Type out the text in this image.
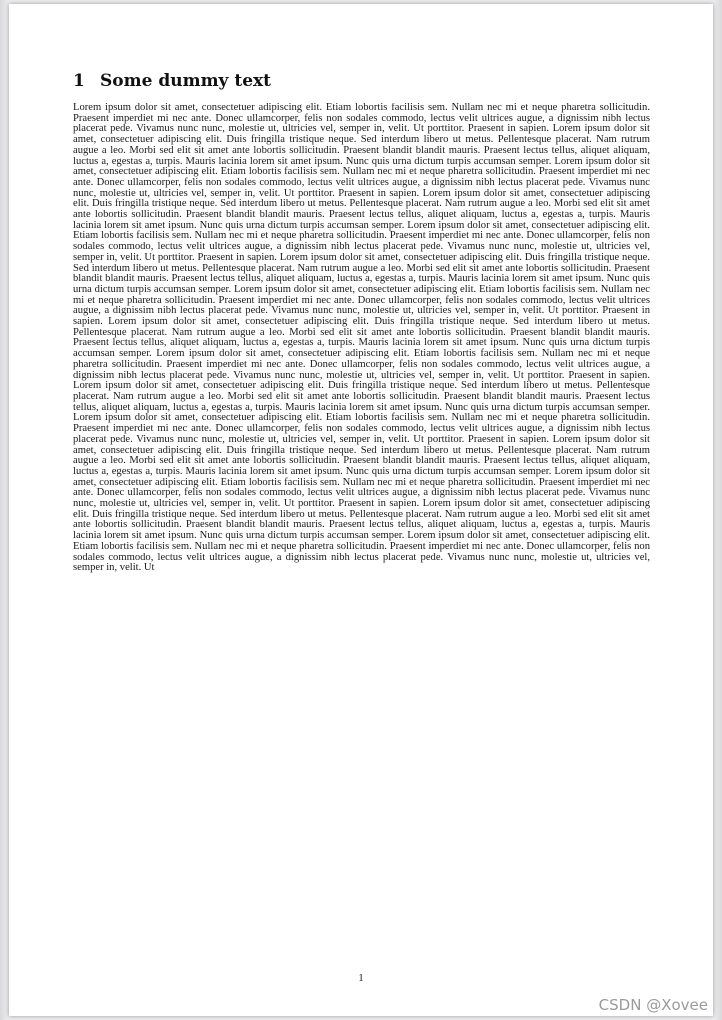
1 Some dummy text

Lorem ipsum dolor sit amet, consectetuer adipiscing elit. Etiam lobortis facilisis sem. Nullam nec mi et neque pharetra sollicitudin. Praesent imperdiet mi nec ante. Donec ullamcorper, felis non sodales commodo, lectus velit ultrices augue, a dignissim nibh lectus placerat pede. Vivamus nunc nunc, molestie ut, ultricies vel, semper in, velit. Ut porttitor. Praesent in sapien. Lorem ipsum dolor sit amet, consectetuer adipiscing elit. Duis fringilla tristique neque. Sed interdum libero ut metus. Pellentesque placerat. Nam rutrum augue a leo. Morbi sed elit sit amet ante lobortis sollicitudin. Praesent blandit blandit mauris. Praesent lectus tellus, aliquet aliquam, luctus a, egestas a, turpis. Mauris lacinia lorem sit amet ipsum. Nunc quis urna dictum turpis accumsan semper. Lorem ipsum dolor sit amet, consectetuer adipiscing elit. Etiam lobortis facilisis sem. Nullam nec mi et neque pharetra sollicitudin. Praesent imperdiet mi nec ante. Donec ullamcorper, felis non sodales commodo, lectus velit ultrices augue, a dignissim nibh lectus placerat pede. Vivamus nunc nunc, molestie ut, ultricies vel, semper in, velit. Ut porttitor. Praesent in sapien. Lorem ipsum dolor sit amet, consectetuer adipiscing elit. Duis fringilla tristique neque. Sed interdum libero ut metus. Pellentesque placerat. Nam rutrum augue a leo. Morbi sed elit sit amet ante lobortis sollicitudin. Praesent blandit blandit mauris. Praesent lectus tellus, aliquet aliquam, luctus a, egestas a, turpis. Mauris lacinia lorem sit amet ipsum. Nunc quis urna dictum turpis accumsan semper. Lorem ipsum dolor sit amet, consectetuer adipiscing elit. Etiam lobortis facilisis sem. Nullam nec mi et neque pharetra sollicitudin. Praesent imperdiet mi nec ante. Donec ullamcorper, felis non sodales commodo, lectus velit ultrices augue, a dignissim nibh lectus placerat pede. Vivamus nunc nunc, molestie ut, ultricies vel, semper in, velit. Ut porttitor. Praesent in sapien. Lorem ipsum dolor sit amet, consectetuer adipiscing elit. Duis fringilla tristique neque. Sed interdum libero ut metus. Pellentesque placerat. Nam rutrum augue a leo. Morbi sed elit sit amet ante lobortis sollicitudin. Praesent blandit blandit mauris. Praesent lectus tellus, aliquet aliquam, luctus a, egestas a, turpis. Mauris lacinia lorem sit amet ipsum. Nunc quis urna dictum turpis accumsan semper. Lorem ipsum dolor sit amet, consectetuer adipiscing elit. Etiam lobortis facilisis sem. Nullam nec mi et neque pharetra sollicitudin. Praesent imperdiet mi nec ante. Donec ullamcorper, felis non sodales commodo, lectus velit ultrices augue, a dignissim nibh lectus placerat pede. Vivamus nunc nunc, molestie ut, ultricies vel, semper in, velit. Ut porttitor. Praesent in sapien. Lorem ipsum dolor sit amet, consectetuer adipiscing elit. Duis fringilla tristique neque. Sed interdum libero ut metus. Pellentesque placerat. Nam rutrum augue a leo. Morbi sed elit sit amet ante lobortis sollicitudin. Praesent blandit blandit mauris. Praesent lectus tellus, aliquet aliquam, luctus a, egestas a, turpis. Mauris lacinia lorem sit amet ipsum. Nunc quis urna dictum turpis accumsan semper. Lorem ipsum dolor sit amet, consectetuer adipiscing elit. Etiam lobortis facilisis sem. Nullam nec mi et neque pharetra sollicitudin. Praesent imperdiet mi nec ante. Donec ullamcorper, felis non sodales commodo, lectus velit ultrices augue, a dignissim nibh lectus placerat pede. Vivamus nunc nunc, molestie ut, ultricies vel, semper in, velit. Ut porttitor. Praesent in sapien. Lorem ipsum dolor sit amet, consectetuer adipiscing elit. Duis fringilla tristique neque. Sed interdum libero ut metus. Pellentesque placerat. Nam rutrum augue a leo. Morbi sed elit sit amet ante lobortis sollicitudin. Praesent blandit blandit mauris. Praesent lectus tellus, aliquet aliquam, luctus a, egestas a, turpis. Mauris lacinia lorem sit amet ipsum. Nunc quis urna dictum turpis accumsan semper. Lorem ipsum dolor sit amet, consectetuer adipiscing elit. Etiam lobortis facilisis sem. Nullam nec mi et neque pharetra sollicitudin. Praesent imperdiet mi nec ante. Donec ullamcorper, felis non sodales commodo, lectus velit ultrices augue, a dignissim nibh lectus placerat pede. Vivamus nunc nunc, molestie ut, ultricies vel, semper in, velit. Ut porttitor. Praesent in sapien. Lorem ipsum dolor sit amet, consectetuer adipiscing elit. Duis fringilla tristique neque. Sed interdum libero ut metus. Pellentesque placerat. Nam rutrum augue a leo. Morbi sed elit sit amet ante lobortis sollicitudin. Praesent blandit blandit mauris. Praesent lectus tellus, aliquet aliquam, luctus a, egestas a, turpis. Mauris lacinia lorem sit amet ipsum. Nunc quis urna dictum turpis accumsan semper. Lorem ipsum dolor sit amet, consectetuer adipiscing elit. Etiam lobortis facilisis sem. Nullam nec mi et neque pharetra sollicitudin. Praesent imperdiet mi nec ante. Donec ullamcorper, felis non sodales commodo, lectus velit ultrices augue, a dignissim nibh lectus placerat pede. Vivamus nunc nunc, molestie ut, ultricies vel, semper in, velit. Ut porttitor. Praesent in sapien. Lorem ipsum dolor sit amet, consectetuer adipiscing elit. Duis fringilla tristique neque. Sed interdum libero ut metus. Pellentesque placerat. Nam rutrum augue a leo. Morbi sed elit sit amet ante lobortis sollicitudin. Praesent blandit blandit mauris. Praesent lectus tellus, aliquet aliquam, luctus a, egestas a, turpis. Mauris lacinia lorem sit amet ipsum. Nunc quis urna dictum turpis accumsan semper. Lorem ipsum dolor sit amet, consectetuer adipiscing elit. Etiam lobortis facilisis sem. Nullam nec mi et neque pharetra sollicitudin. Praesent imperdiet mi nec ante. Donec ullamcorper, felis non sodales commodo, lectus velit ultrices augue, a dignissim nibh lectus placerat pede. Vivamus nunc nunc, molestie ut, ultricies vel, semper in, velit. Ut

1
CSDN @Xovee
